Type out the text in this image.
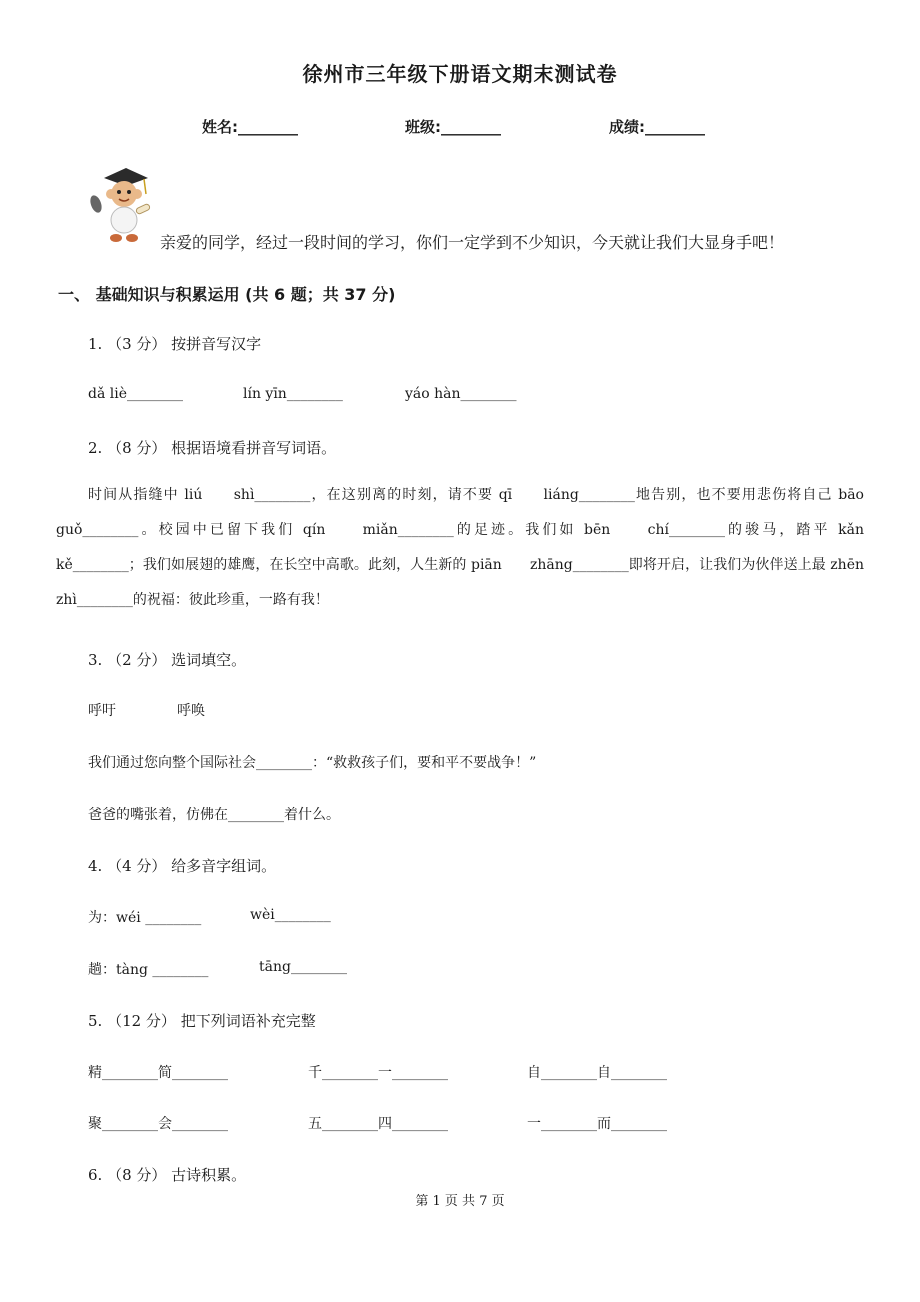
徐州市三年级下册语文期末测试卷
姓名:________	班级:________	成绩:________
亲爱的同学，经过一段时间的学习，你们一定学到不少知识，今天就让我们大显身手吧！
一、 基础知识与积累运用 (共 6 题；共 37 分)
1. （3 分） 按拼音写汉字
dǎ liè________	lín yīn________	yáo hàn________
2. （8 分） 根据语境看拼音写词语。
时间从指缝中 liú　　shì________，在这别离的时刻，请不要 qī　　liáng________地告别，也不要用悲伤将自己 bāo　　guǒ________。校园中已留下我们 qín　　miǎn________的足迹。我们如 bēn　　chí________的骏马，踏平 kǎn　　kě________；我们如展翅的雄鹰，在长空中高歌。此刻，人生新的 piān　　zhāng________即将开启，让我们为伙伴送上最 zhēn　　zhì________的祝福：彼此珍重，一路有我！
3. （2 分） 选词填空。
呼吁	呼唤
我们通过您向整个国际社会________：“救救孩子们，要和平不要战争！”
爸爸的嘴张着，仿佛在________着什么。
4. （4 分） 给多音字组词。
为：wéi ________	wèi________
趟：tàng ________	tāng________
5. （12 分） 把下列词语补充完整
精________简________	千________一________	自________自________
聚________会________	五________四________	一________而________
6. （8 分） 古诗积累。
第 1 页 共 7 页
